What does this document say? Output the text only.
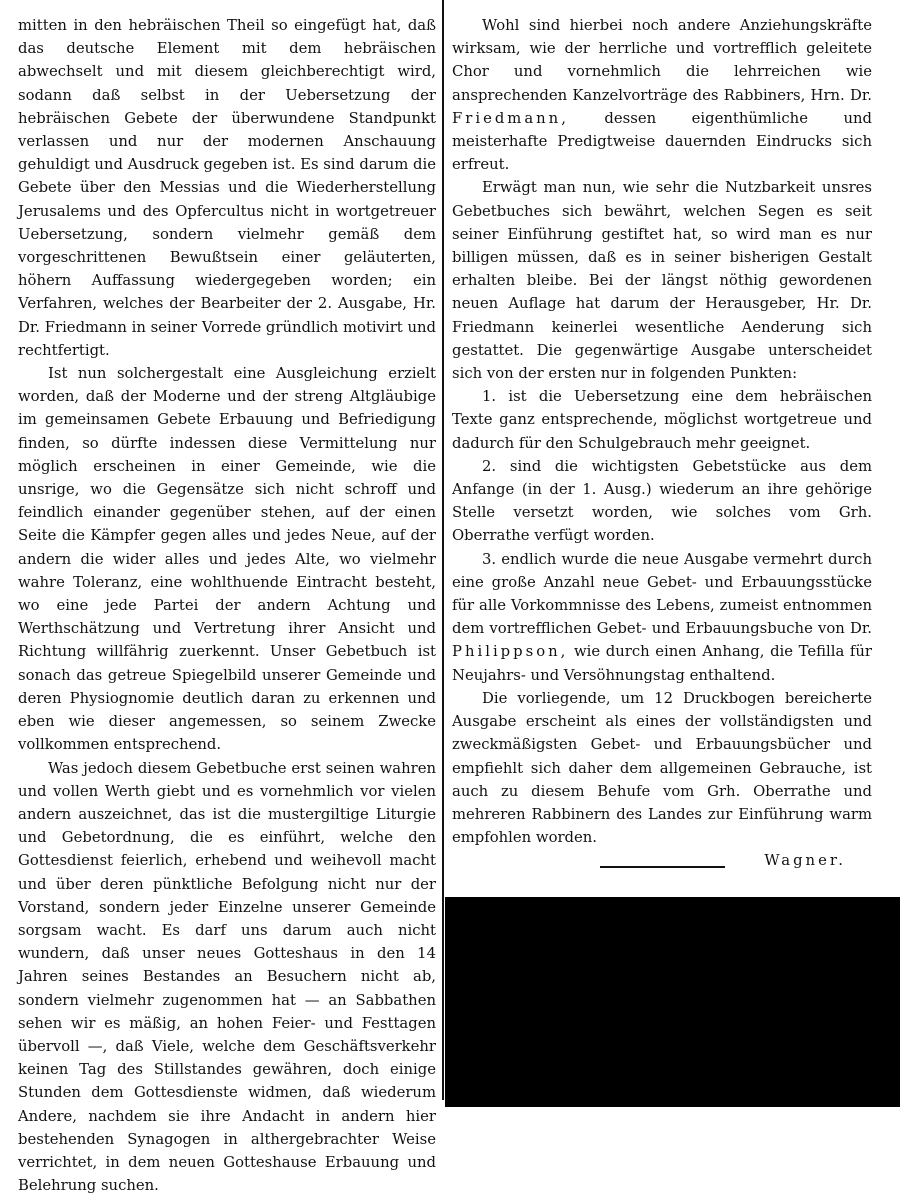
mitten in den hebräischen Theil so eingefügt hat, daß das deutsche Element mit dem hebräischen abwechselt und mit diesem gleichberechtigt wird, sodann daß selbst in der Uebersetzung der hebräischen Gebete der überwundene Standpunkt verlassen und nur der modernen Anschauung gehuldigt und Ausdruck gegeben ist. Es sind darum die Gebete über den Messias und die Wiederherstellung Jerusalems und des Opfercultus nicht in wortgetreuer Uebersetzung, sondern vielmehr gemäß dem vorgeschrittenen Bewußtsein einer geläuterten, höhern Auffassung wiedergegeben worden; ein Verfahren, welches der Bearbeiter der 2. Ausgabe, Hr. Dr. Friedmann in seiner Vorrede gründlich motivirt und rechtfertigt.

Ist nun solchergestalt eine Ausgleichung erzielt worden, daß der Moderne und der streng Altgläubige im gemeinsamen Gebete Erbauung und Befriedigung finden, so dürfte indessen diese Vermittelung nur möglich erscheinen in einer Gemeinde, wie die unsrige, wo die Gegensätze sich nicht schroff und feindlich einander gegenüber stehen, auf der einen Seite die Kämpfer gegen alles und jedes Neue, auf der andern die wider alles und jedes Alte, wo vielmehr wahre Toleranz, eine wohlthuende Eintracht besteht, wo eine jede Partei der andern Achtung und Werthschätzung und Vertretung ihrer Ansicht und Richtung willfährig zuerkennt. Unser Gebetbuch ist sonach das getreue Spiegelbild unserer Gemeinde und deren Physiognomie deutlich daran zu erkennen und eben wie dieser angemessen, so seinem Zwecke vollkommen entsprechend.

Was jedoch diesem Gebetbuche erst seinen wahren und vollen Werth giebt und es vornehmlich vor vielen andern auszeichnet, das ist die mustergiltige Liturgie und Gebetordnung, die es einführt, welche den Gottesdienst feierlich, erhebend und weihevoll macht und über deren pünktliche Befolgung nicht nur der Vorstand, sondern jeder Einzelne unserer Gemeinde sorgsam wacht. Es darf uns darum auch nicht wundern, daß unser neues Gotteshaus in den 14 Jahren seines Bestandes an Besuchern nicht ab, sondern vielmehr zugenommen hat — an Sabbathen sehen wir es mäßig, an hohen Feier- und Festtagen übervoll —, daß Viele, welche dem Geschäftsverkehr keinen Tag des Stillstandes gewähren, doch einige Stunden dem Gottesdienste widmen, daß wiederum Andere, nachdem sie ihre Andacht in andern hier bestehenden Synagogen in althergebrachter Weise verrichtet, in dem neuen Gotteshause Erbauung und Belehrung suchen.

Wohl sind hierbei noch andere Anziehungskräfte wirksam, wie der herrliche und vortrefflich geleitete Chor und vornehmlich die lehrreichen wie ansprechenden Kanzelvorträge des Rabbiners, Hrn. Dr. Friedmann, dessen eigenthümliche und meisterhafte Predigtweise dauernden Eindrucks sich erfreut.

Erwägt man nun, wie sehr die Nutzbarkeit unsres Gebetbuches sich bewährt, welchen Segen es seit seiner Einführung gestiftet hat, so wird man es nur billigen müssen, daß es in seiner bisherigen Gestalt erhalten bleibe. Bei der längst nöthig gewordenen neuen Auflage hat darum der Herausgeber, Hr. Dr. Friedmann keinerlei wesentliche Aenderung sich gestattet. Die gegenwärtige Ausgabe unterscheidet sich von der ersten nur in folgenden Punkten:

1. ist die Uebersetzung eine dem hebräischen Texte ganz entsprechende, möglichst wortgetreue und dadurch für den Schulgebrauch mehr geeignet.

2. sind die wichtigsten Gebetstücke aus dem Anfange (in der 1. Ausg.) wiederum an ihre gehörige Stelle versetzt worden, wie solches vom Grh. Oberrathe verfügt worden.

3. endlich wurde die neue Ausgabe vermehrt durch eine große Anzahl neue Gebet- und Erbauungsstücke für alle Vorkommnisse des Lebens, zumeist entnommen dem vortrefflichen Gebet- und Erbauungsbuche von Dr. Philippson, wie durch einen Anhang, die Tefilla für Neujahrs- und Versöhnungstag enthaltend.

Die vorliegende, um 12 Druckbogen bereicherte Ausgabe erscheint als eines der vollständigsten und zweckmäßigsten Gebet- und Erbauungsbücher und empfiehlt sich daher dem allgemeinen Gebrauche, ist auch zu diesem Behufe vom Grh. Oberrathe und mehreren Rabbinern des Landes zur Einführung warm empfohlen worden.

Wagner.
